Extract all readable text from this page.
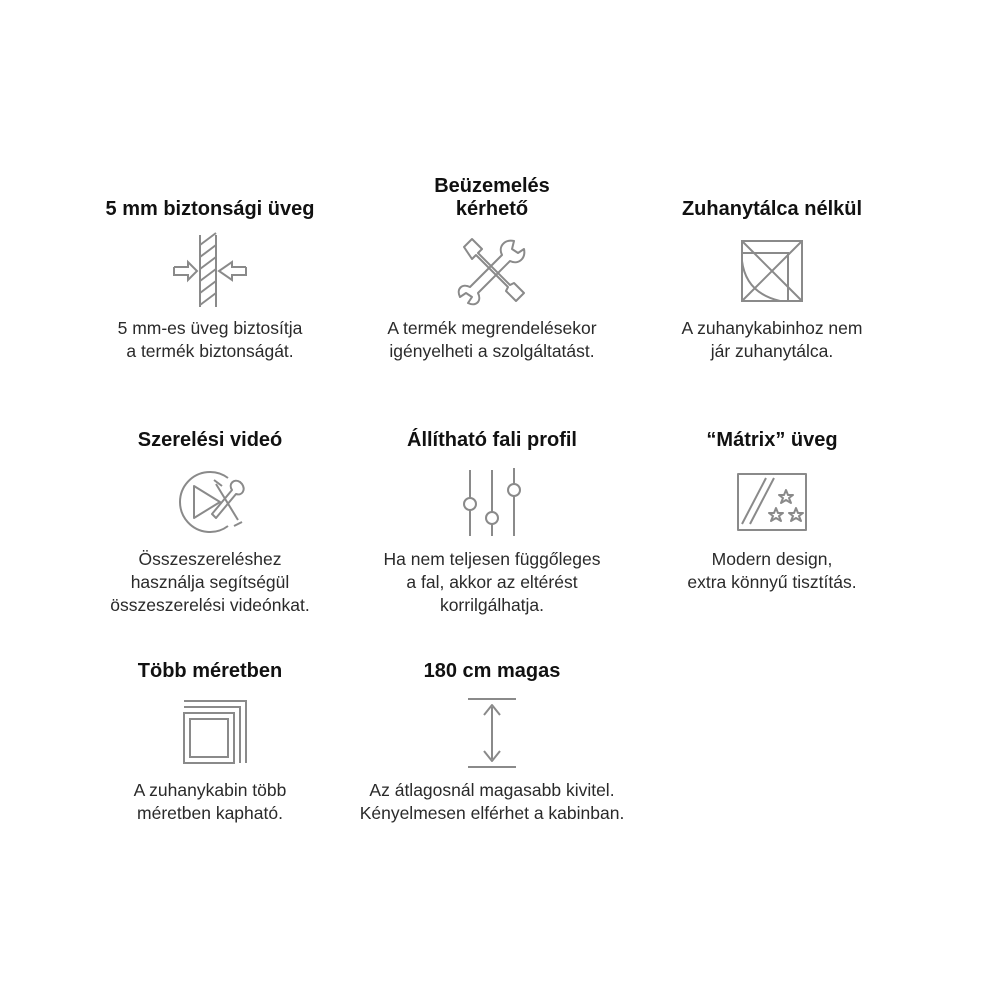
5 mm biztonsági üveg
5 mm-es üveg biztosítja
a termék biztonságát.
Beüzemelés
kérhető
A termék megrendelésekor
igényelheti a szolgáltatást.
Zuhanytálca nélkül
A zuhanykabinhoz nem
jár zuhanytálca.
Szerelési videó
Összeszereléshez
használja segítségül
összeszerelési videónkat.
Állítható fali profil
Ha nem teljesen függőleges
a fal, akkor az eltérést
korrilgálhatja.
“Mátrix” üveg
Modern design,
extra könnyű tisztítás.
Több méretben
A zuhanykabin több
méretben kapható.
180 cm magas
Az átlagosnál magasabb kivitel.
Kényelmesen elférhet a kabinban.
